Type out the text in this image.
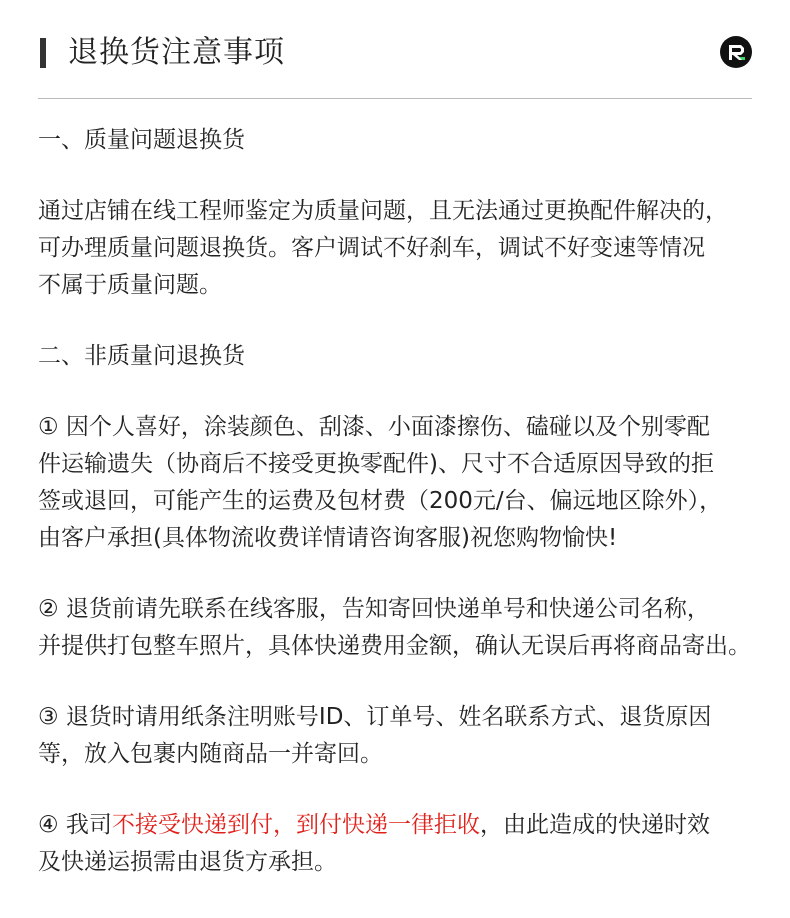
退换货注意事项
一、质量问题退换货
通过店铺在线工程师鉴定为质量问题，且无法通过更换配件解决的，
可办理质量问题退换货。客户调试不好刹车，调试不好变速等情况
不属于质量问题。
二、非质量问退换货
① 因个人喜好，涂装颜色、刮漆、小面漆擦伤、磕碰以及个别零配
件运输遗失（协商后不接受更换零配件)、尺寸不合适原因导致的拒
签或退回，可能产生的运费及包材费（200元/台、偏远地区除外），
由客户承担(具体物流收费详情请咨询客服)祝您购物愉快!
② 退货前请先联系在线客服，告知寄回快递单号和快递公司名称，
并提供打包整车照片，具体快递费用金额，确认无误后再将商品寄出。
③ 退货时请用纸条注明账号ID、订单号、姓名联系方式、退货原因
等，放入包裹内随商品一并寄回。
④ 我司不接受快递到付，到付快递一律拒收，由此造成的快递时效
及快递运损需由退货方承担。
